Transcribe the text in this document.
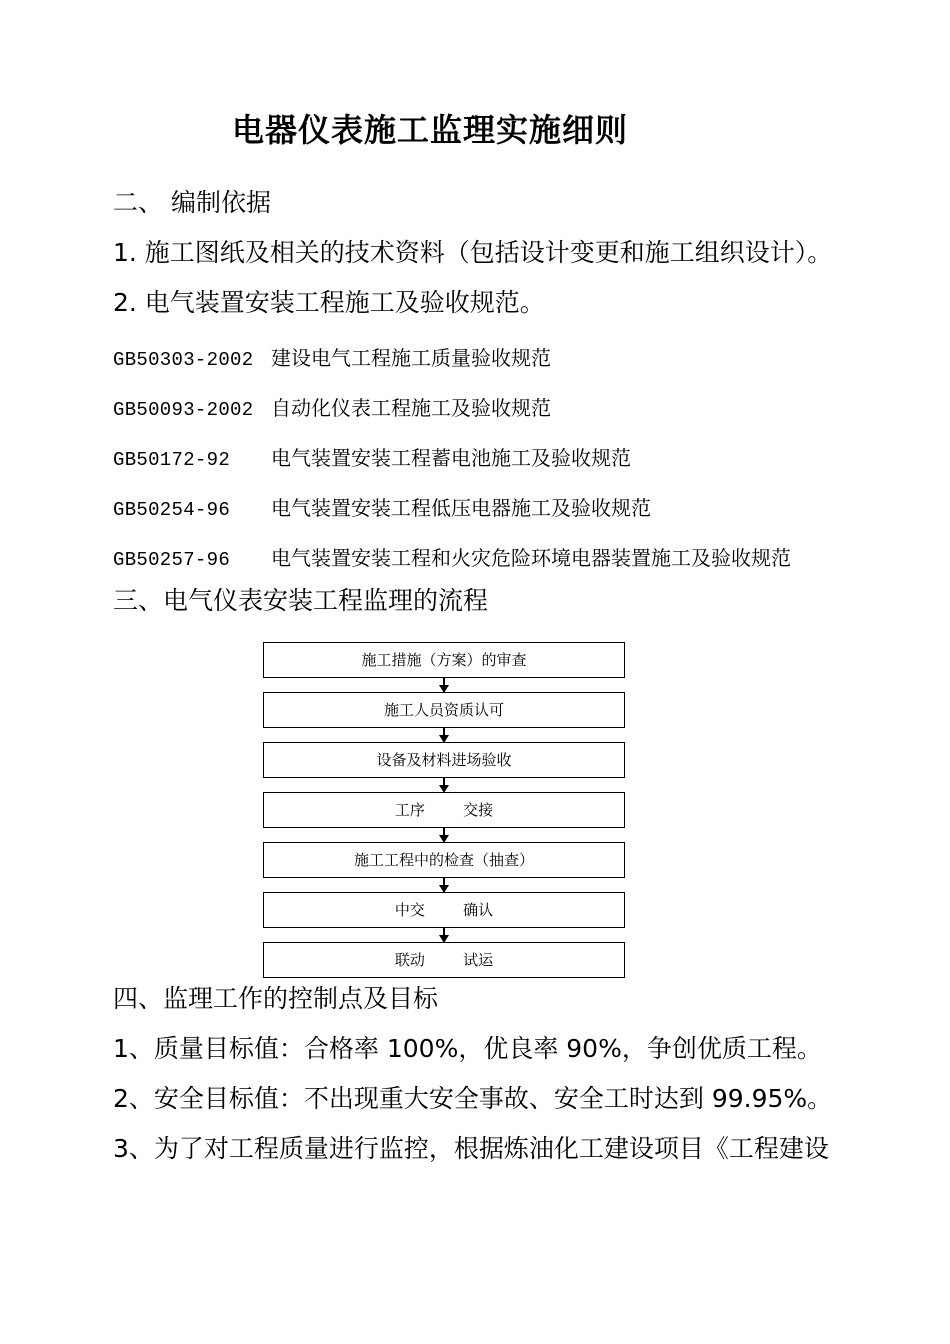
电器仪表施工监理实施细则
二、 编制依据
1. 施工图纸及相关的技术资料（包括设计变更和施工组织设计）。
2. 电气装置安装工程施工及验收规范。
GB50303-2002 建设电气工程施工质量验收规范
GB50093-2002 自动化仪表工程施工及验收规范
GB50172-92 电气装置安装工程蓄电池施工及验收规范
GB50254-96 电气装置安装工程低压电器施工及验收规范
GB50257-96 电气装置安装工程和火灾危险环境电器装置施工及验收规范
三、电气仪表安装工程监理的流程
施工措施（方案）的审查
施工人员资质认可
设备及材料进场验收
工序        交接
施工工程中的检查（抽查）
中交        确认
联动        试运
四、监理工作的控制点及目标
1、质量目标值：合格率 100%，优良率 90%，争创优质工程。
2、安全目标值：不出现重大安全事故、安全工时达到 99.95%。
3、为了对工程质量进行监控，根据炼油化工建设项目《工程建设
